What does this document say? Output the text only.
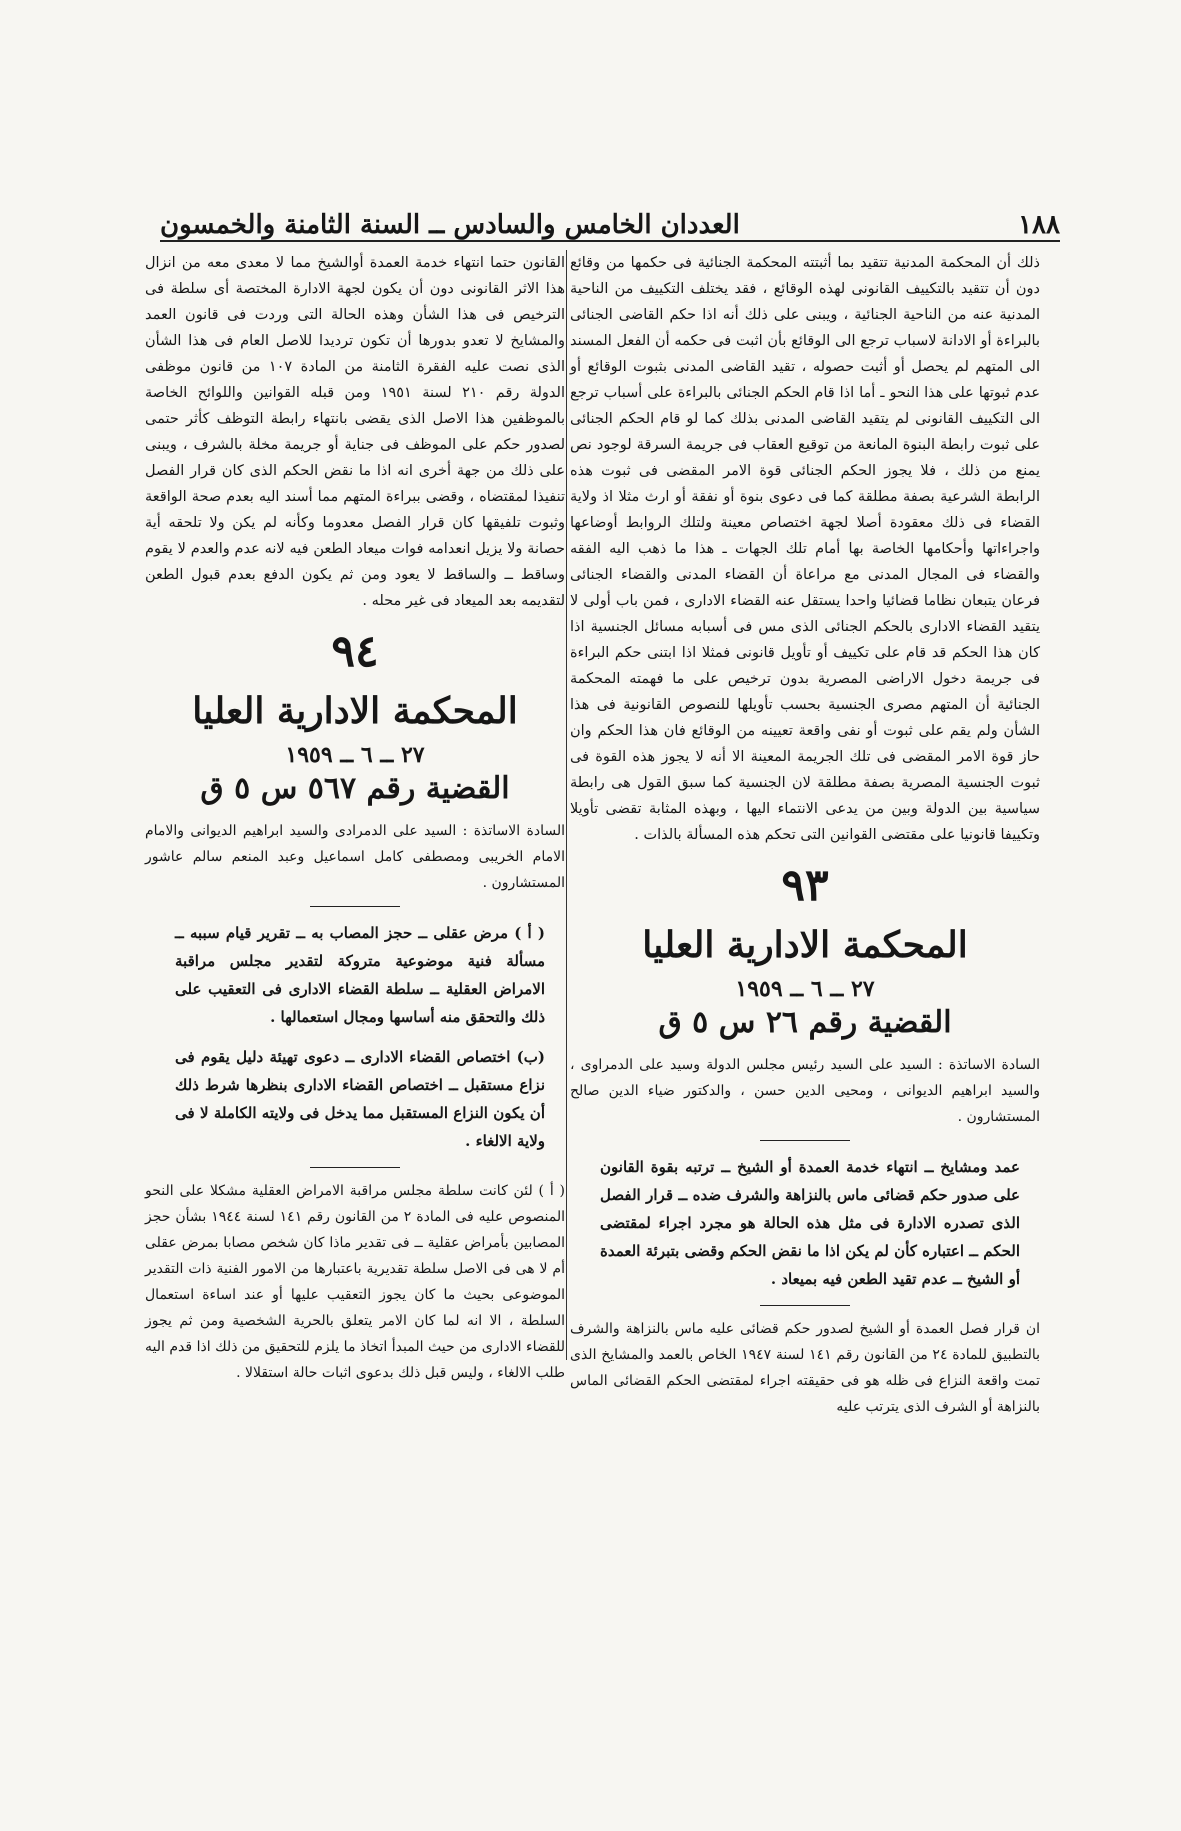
١٨٨
العددان الخامس والسادس ــ السنة الثامنة والخمسون

ذلك أن المحكمة المدنية تتقيد بما أثبتته المحكمة الجنائية فى حكمها من وقائع دون أن تتقيد بالتكييف القانونى لهذه الوقائع ، فقد يختلف التكييف من الناحية المدنية عنه من الناحية الجنائية ، ويبنى على ذلك أنه اذا حكم القاضى الجنائى بالبراءة أو الادانة لاسباب ترجع الى الوقائع بأن اثبت فى حكمه أن الفعل المسند الى المتهم لم يحصل أو أثبت حصوله ، تقيد القاضى المدنى بثبوت الوقائع أو عدم ثبوتها على هذا النحو ـ أما اذا قام الحكم الجنائى بالبراءة على أسباب ترجع الى التكييف القانونى لم يتقيد القاضى المدنى بذلك كما لو قام الحكم الجنائى على ثبوت رابطة البنوة المانعة من توقيع العقاب فى جريمة السرقة لوجود نص يمنع من ذلك ، فلا يجوز الحكم الجنائى قوة الامر المقضى فى ثبوت هذه الرابطة الشرعية بصفة مطلقة كما فى دعوى بنوة أو نفقة أو ارث مثلا اذ ولاية القضاء فى ذلك معقودة أصلا لجهة اختصاص معينة ولتلك الروابط أوضاعها واجراءاتها وأحكامها الخاصة بها أمام تلك الجهات ـ هذا ما ذهب اليه الفقه والقضاء فى المجال المدنى مع مراعاة أن القضاء المدنى والقضاء الجنائى فرعان يتبعان نظاما قضائيا واحدا يستقل عنه القضاء الادارى ، فمن باب أولى لا يتقيد القضاء الادارى بالحكم الجنائى الذى مس فى أسبابه مسائل الجنسية اذا كان هذا الحكم قد قام على تكييف أو تأويل قانونى فمثلا اذا ابتنى حكم البراءة فى جريمة دخول الاراضى المصرية بدون ترخيص على ما فهمته المحكمة الجنائية أن المتهم مصرى الجنسية بحسب تأويلها للنصوص القانونية فى هذا الشأن ولم يقم على ثبوت أو نفى واقعة تعيينه من الوقائع فان هذا الحكم وان حاز قوة الامر المقضى فى تلك الجريمة المعينة الا أنه لا يجوز هذه القوة فى ثبوت الجنسية المصرية بصفة مطلقة لان الجنسية كما سبق القول هى رابطة سياسية بين الدولة وبين من يدعى الانتماء اليها ، وبهذه المثابة تقضى تأويلا وتكييفا قانونيا على مقتضى القوانين التى تحكم هذه المسألة بالذات .

٩٣
المحكمة الادارية العليا
٢٧ ــ ٦ ــ ١٩٥٩
القضية رقم ٢٦ س ٥ ق

السادة الاساتذة : السيد على السيد رئيس مجلس الدولة وسيد على الدمراوى ، والسيد ابراهيم الديوانى ، ومحيى الدين حسن ، والدكتور ضياء الدين صالح المستشارون .

عمد ومشايخ ــ انتهاء خدمة العمدة أو الشيخ ــ ترتبه بقوة القانون على صدور حكم قضائى ماس بالنزاهة والشرف ضده ــ قرار الفصل الذى تصدره الادارة فى مثل هذه الحالة هو مجرد اجراء لمقتضى الحكم ــ اعتباره كأن لم يكن اذا ما نقض الحكم وقضى بتبرئة العمدة أو الشيخ ــ عدم تقيد الطعن فيه بميعاد .

ان قرار فصل العمدة أو الشيخ لصدور حكم قضائى عليه ماس بالنزاهة والشرف بالتطبيق للمادة ٢٤ من القانون رقم ١٤١ لسنة ١٩٤٧ الخاص بالعمد والمشايخ الذى تمت واقعة النزاع فى ظله هو فى حقيقته اجراء لمقتضى الحكم القضائى الماس بالنزاهة أو الشرف الذى يترتب عليه

القانون حتما انتهاء خدمة العمدة أوالشيخ مما لا معدى معه من انزال هذا الاثر القانونى دون أن يكون لجهة الادارة المختصة أى سلطة فى الترخيص فى هذا الشأن وهذه الحالة التى وردت فى قانون العمد والمشايخ لا تعدو بدورها أن تكون ترديدا للاصل العام فى هذا الشأن الذى نصت عليه الفقرة الثامنة من المادة ١٠٧ من قانون موظفى الدولة رقم ٢١٠ لسنة ١٩٥١ ومن قبله القوانين واللوائح الخاصة بالموظفين هذا الاصل الذى يقضى بانتهاء رابطة التوظف كأثر حتمى لصدور حكم على الموظف فى جناية أو جريمة مخلة بالشرف ، ويبنى على ذلك من جهة أخرى انه اذا ما نقض الحكم الذى كان قرار الفصل تنفيذا لمقتضاه ، وقضى ببراءة المتهم مما أسند اليه بعدم صحة الواقعة وثبوت تلفيقها كان قرار الفصل معدوما وكأنه لم يكن ولا تلحقه أية حصانة ولا يزيل انعدامه فوات ميعاد الطعن فيه لانه عدم والعدم لا يقوم وساقط ــ والساقط لا يعود ومن ثم يكون الدفع بعدم قبول الطعن لتقديمه بعد الميعاد فى غير محله .

٩٤
المحكمة الادارية العليا
٢٧ ــ ٦ ــ ١٩٥٩
القضية رقم ٥٦٧ س ٥ ق

السادة الاساتذة : السيد على الدمرادى والسيد ابراهيم الديوانى والامام الامام الخريبى ومصطفى كامل اسماعيل وعبد المنعم سالم عاشور المستشارون .

( أ ) مرض عقلى ــ حجز المصاب به ــ تقرير قيام سببه ــ مسألة فنية موضوعية متروكة لتقدير مجلس مراقبة الامراض العقلية ــ سلطة القضاء الادارى فى التعقيب على ذلك والتحقق منه أساسها ومجال استعمالها .

(ب) اختصاص القضاء الادارى ــ دعوى تهيئة دليل يقوم فى نزاع مستقبل ــ اختصاص القضاء الادارى بنظرها شرط ذلك أن يكون النزاع المستقبل مما يدخل فى ولايته الكاملة لا فى ولاية الالغاء .

( أ ) لئن كانت سلطة مجلس مراقبة الامراض العقلية مشكلا على النحو المنصوص عليه فى المادة ٢ من القانون رقم ١٤١ لسنة ١٩٤٤ بشأن حجز المصابين بأمراض عقلية ــ فى تقدير ماذا كان شخص مصابا بمرض عقلى أم لا هى فى الاصل سلطة تقديرية باعتبارها من الامور الفنية ذات التقدير الموضوعى بحيث ما كان يجوز التعقيب عليها أو عند اساءة استعمال السلطة ، الا انه لما كان الامر يتعلق بالحرية الشخصية ومن ثم يجوز للقضاء الادارى من حيث المبدأ اتخاذ ما يلزم للتحقيق من ذلك اذا قدم اليه طلب الالغاء ، وليس قبل ذلك بدعوى اثبات حالة استقلالا .
